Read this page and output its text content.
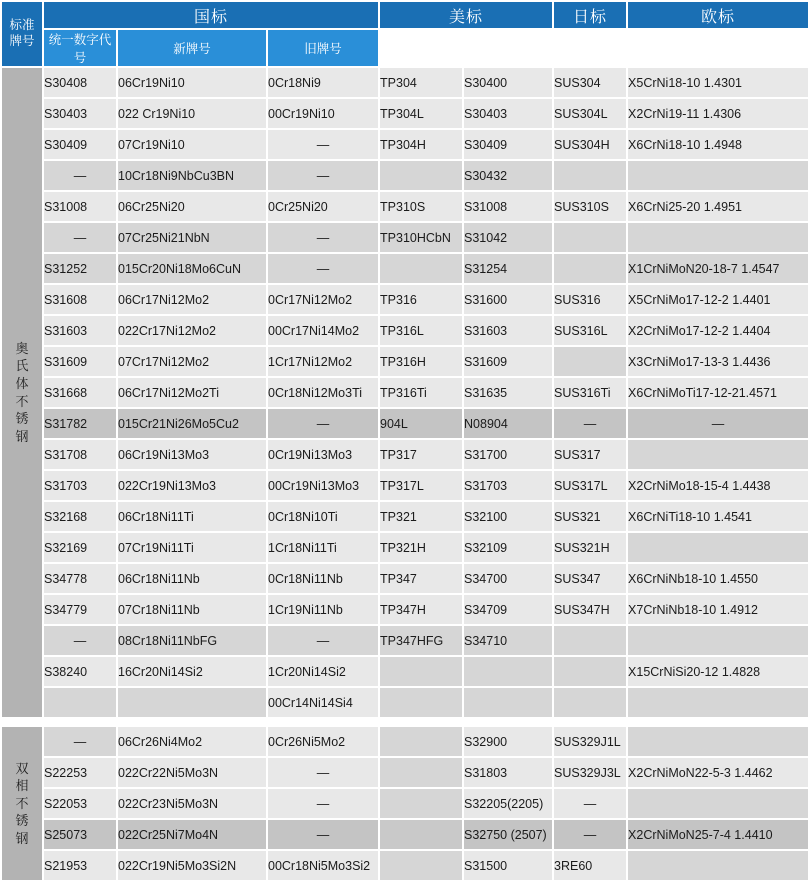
标准
牌号	国标			美标		日标	欧标
	统一数字代号	新牌号	旧牌号				

奥
氏
体
不
锈
钢
	S30408	06Cr19Ni10	0Cr18Ni9	TP304	S30400	SUS304	X5CrNi18-10 1.4301
	S30403	022 Cr19Ni10	00Cr19Ni10	TP304L	S30403	SUS304L	X2CrNi19-11 1.4306
	S30409	07Cr19Ni10	—	TP304H	S30409	SUS304H	X6CrNi18-10 1.4948
	—	10Cr18Ni9NbCu3BN	—		S30432		
	S31008	06Cr25Ni20	0Cr25Ni20	TP310S	S31008	SUS310S	X6CrNi25-20 1.4951
	—	07Cr25Ni21NbN	—	TP310HCbN	S31042		
	S31252	015Cr20Ni18Mo6CuN	—		S31254		X1CrNiMoN20-18-7 1.4547
	S31608	06Cr17Ni12Mo2	0Cr17Ni12Mo2	TP316	S31600	SUS316	X5CrNiMo17-12-2 1.4401
	S31603	022Cr17Ni12Mo2	00Cr17Ni14Mo2	TP316L	S31603	SUS316L	X2CrNiMo17-12-2 1.4404
	S31609	07Cr17Ni12Mo2	1Cr17Ni12Mo2	TP316H	S31609		X3CrNiMo17-13-3 1.4436
	S31668	06Cr17Ni12Mo2Ti	0Cr18Ni12Mo3Ti	TP316Ti	S31635	SUS316Ti	X6CrNiMoTi17-12-21.4571
	S31782	015Cr21Ni26Mo5Cu2	—	904L	N08904	—	—
	S31708	06Cr19Ni13Mo3	0Cr19Ni13Mo3	TP317	S31700	SUS317	
	S31703	022Cr19Ni13Mo3	00Cr19Ni13Mo3	TP317L	S31703	SUS317L	X2CrNiMo18-15-4 1.4438
	S32168	06Cr18Ni11Ti	0Cr18Ni10Ti	TP321	S32100	SUS321	X6CrNiTi18-10 1.4541
	S32169	07Cr19Ni11Ti	1Cr18Ni11Ti	TP321H	S32109	SUS321H	
	S34778	06Cr18Ni11Nb	0Cr18Ni11Nb	TP347	S34700	SUS347	X6CrNiNb18-10 1.4550
	S34779	07Cr18Ni11Nb	1Cr19Ni11Nb	TP347H	S34709	SUS347H	X7CrNiNb18-10 1.4912
	—	08Cr18Ni11NbFG	—	TP347HFG	S34710		
	S38240	16Cr20Ni14Si2	1Cr20Ni14Si2				X15CrNiSi20-12 1.4828
			00Cr14Ni14Si4				

双
相
不
锈
钢	—	06Cr26Ni4Mo2	0Cr26Ni5Mo2		S32900	SUS329J1L	
	S22253	022Cr22Ni5Mo3N	—		S31803	SUS329J3L	X2CrNiMoN22-5-3 1.4462
	S22053	022Cr23Ni5Mo3N	—		S32205(2205)	—	
	S25073	022Cr25Ni7Mo4N	—		S32750 (2507)	—	X2CrNiMoN25-7-4 1.4410
	S21953	022Cr19Ni5Mo3Si2N	00Cr18Ni5Mo3Si2		S31500	3RE60	
